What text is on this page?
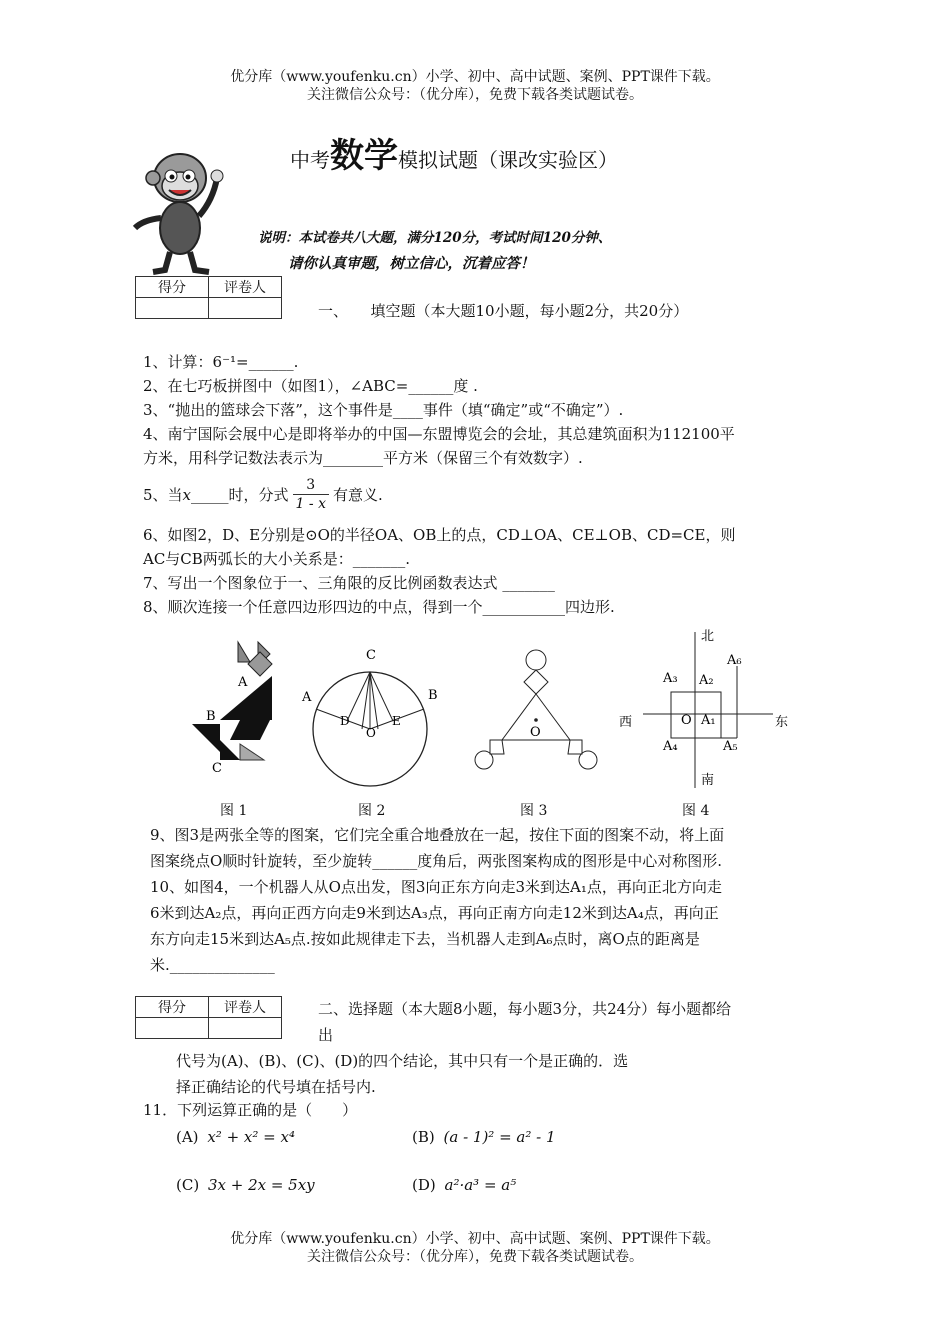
优分库（www.youfenku.cn）小学、初中、高中试题、案例、PPT课件下载。
关注微信公众号：（优分库），免费下载各类试题试卷。
中考数学模拟试题（课改实验区）
说明：本试卷共八大题，满分120分，考试时间120分钟、
请你认真审题，树立信心，沉着应答！
得分	评卷人

一、　　填空题（本大题10小题，每小题2分，共20分）
1、计算：6⁻¹=______.
2、在七巧板拼图中（如图1），∠ABC=______度 .
3、“抛出的篮球会下落”，这个事件是____事件（填“确定”或“不确定”）.
4、南宁国际会展中心是即将举办的中国—东盟博览会的会址，其总建筑面积为112100平
方米，用科学记数法表示为________平方米（保留三个有效数字）.
5、当 x _____时，分式 $\frac{3}{1 - x}$ 有意义.
6、如图2，D、E分别是⊙O的半径OA、OB上的点，CD⊥OA、CE⊥OB、CD=CE，则
AC与CB两弧长的大小关系是：_______.
7、写出一个图象位于一、三角限的反比例函数表达式 _______
8、顺次连接一个任意四边形四边的中点，得到一个___________四边形.
A
B
C
图 1
C
A	B
D	E
O
图 2
O
图 3
北
南
西	东
O A₁
A₂
A₃
A₄	A₅
A₆
图 4
9、图3是两张全等的图案，它们完全重合地叠放在一起，按住下面的图案不动，将上面
图案绕点O顺时针旋转，至少旋转______度角后，两张图案构成的图形是中心对称图形.
10、如图4，一个机器人从O点出发，图3向正东方向走3米到达A₁点，再向正北方向走
6米到达A₂点，再向正西方向走9米到达A₃点，再向正南方向走12米到达A₄点，再向正
东方向走15米到达A₅点.按如此规律走下去，当机器人走到A₆点时，离O点的距离是
米.______________
得分	评卷人
		二、选择题（本大题8小题，每小题3分，共24分）每小题都给
出
代号为(A)、(B)、(C)、(D)的四个结论，其中只有一个是正确的．选
择正确结论的代号填在括号内.
11．下列运算正确的是（　　）
(A) x² + x² = x⁴	(B) (a - 1)² = a² - 1
(C) 3x + 2x = 5xy	(D) a²·a³ = a⁵
优分库（www.youfenku.cn）小学、初中、高中试题、案例、PPT课件下载。
关注微信公众号：（优分库），免费下载各类试题试卷。
